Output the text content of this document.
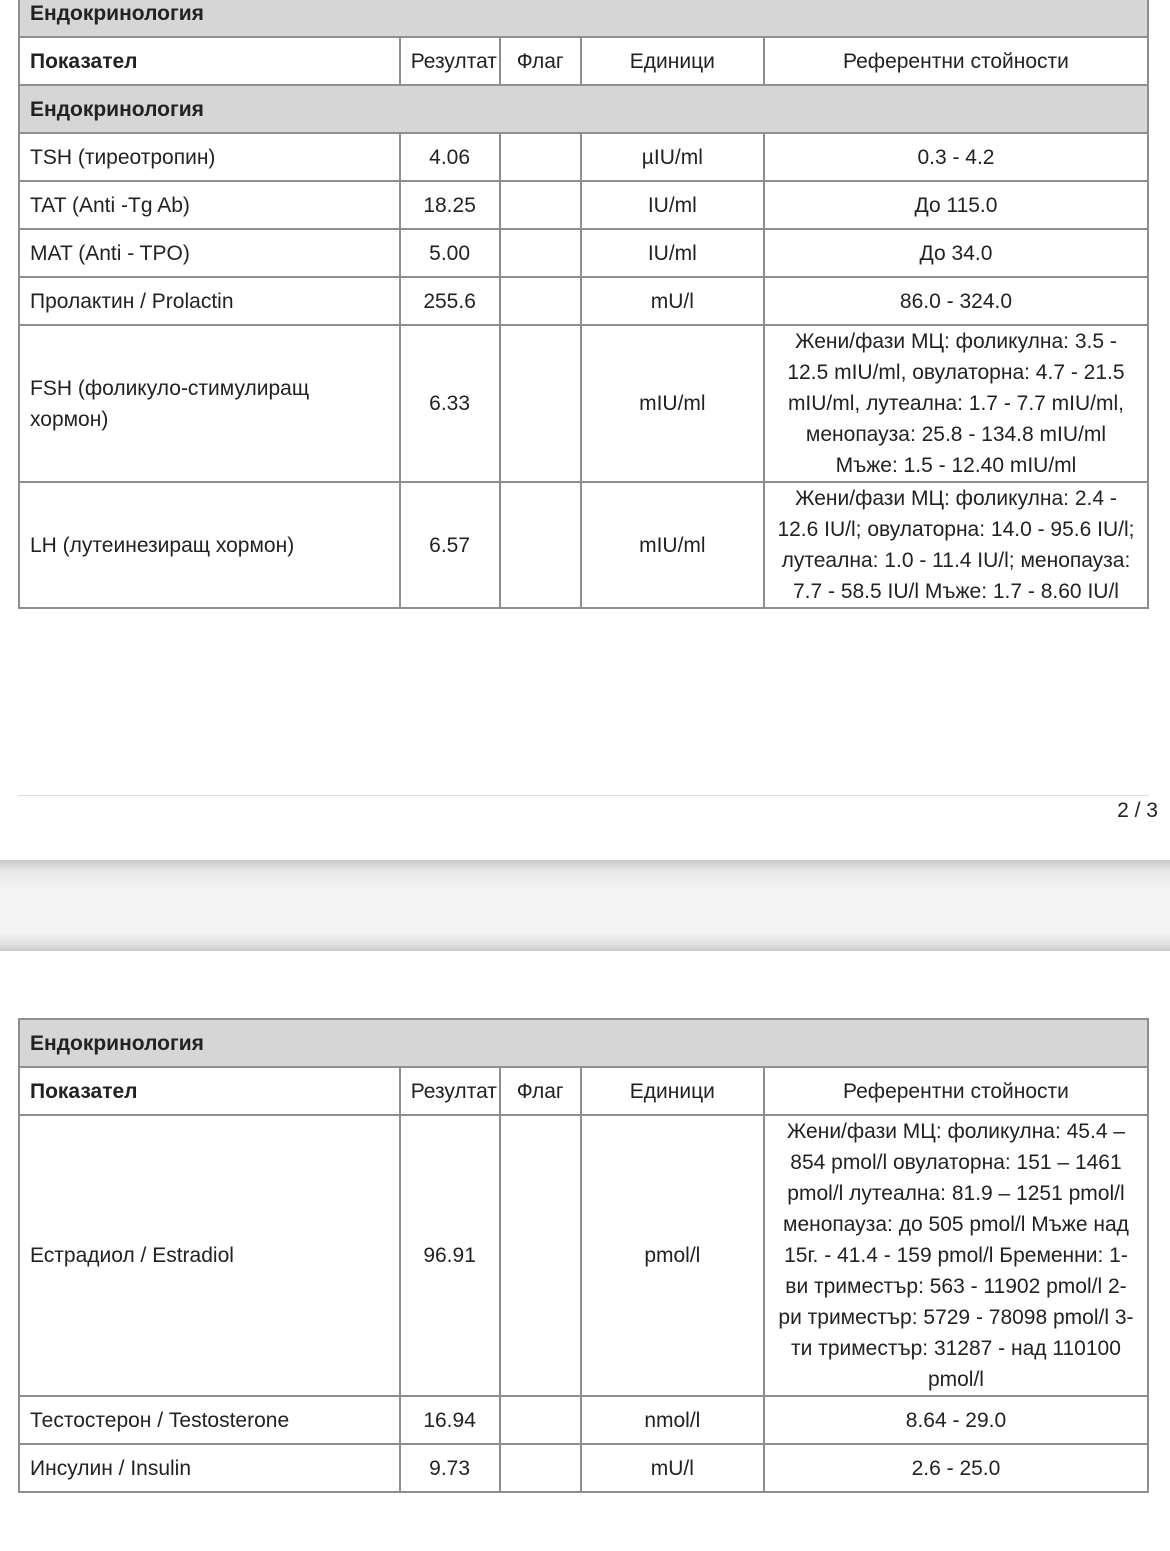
Ендокринология				
Показател	Резултат	Флаг	Единици	Референтни стойности
Ендокринология				
TSH (тиреотропин)	4.06		µIU/ml	0.3 - 4.2
TAT (Anti -Tg Ab)	18.25		IU/ml	До 115.0
MAT (Anti - TPO)	5.00		IU/ml	До 34.0
Пролактин / Prolactin	255.6		mU/l	86.0 - 324.0
FSH (фоликуло-стимулиращ хормон)	6.33		mIU/ml	Жени/фази МЦ: фоликулна: 3.5 - 12.5 mIU/ml, овулаторна: 4.7 - 21.5 mIU/ml, лутеална: 1.7 - 7.7 mIU/ml, менопауза: 25.8 - 134.8 mIU/ml Мъже: 1.5 - 12.40 mIU/ml
LH (лутеинезиращ хормон)	6.57		mIU/ml	Жени/фази МЦ: фоликулна: 2.4 - 12.6 IU/l; овулаторна: 14.0 - 95.6 IU/l; лутеална: 1.0 - 11.4 IU/l; менопауза: 7.7 - 58.5 IU/l Мъже: 1.7 - 8.60 IU/l
2 / 3
Ендокринология				
Показател	Резултат	Флаг	Единици	Референтни стойности
Естрадиол / Estradiol	96.91		pmol/l	Жени/фази МЦ: фоликулна: 45.4 – 854 pmol/l овулаторна: 151 – 1461 pmol/l лутеална: 81.9 – 1251 pmol/l менопауза: до 505 pmol/l Мъже над 15г. - 41.4 - 159 pmol/l Бременни: 1-ви триместър: 563 - 11902 pmol/l 2-ри триместър: 5729 - 78098 pmol/l 3-ти триместър: 31287 - над 110100 pmol/l
Тестостерон / Testosterone	16.94		nmol/l	8.64 - 29.0
Инсулин / Insulin	9.73		mU/l	2.6 - 25.0
